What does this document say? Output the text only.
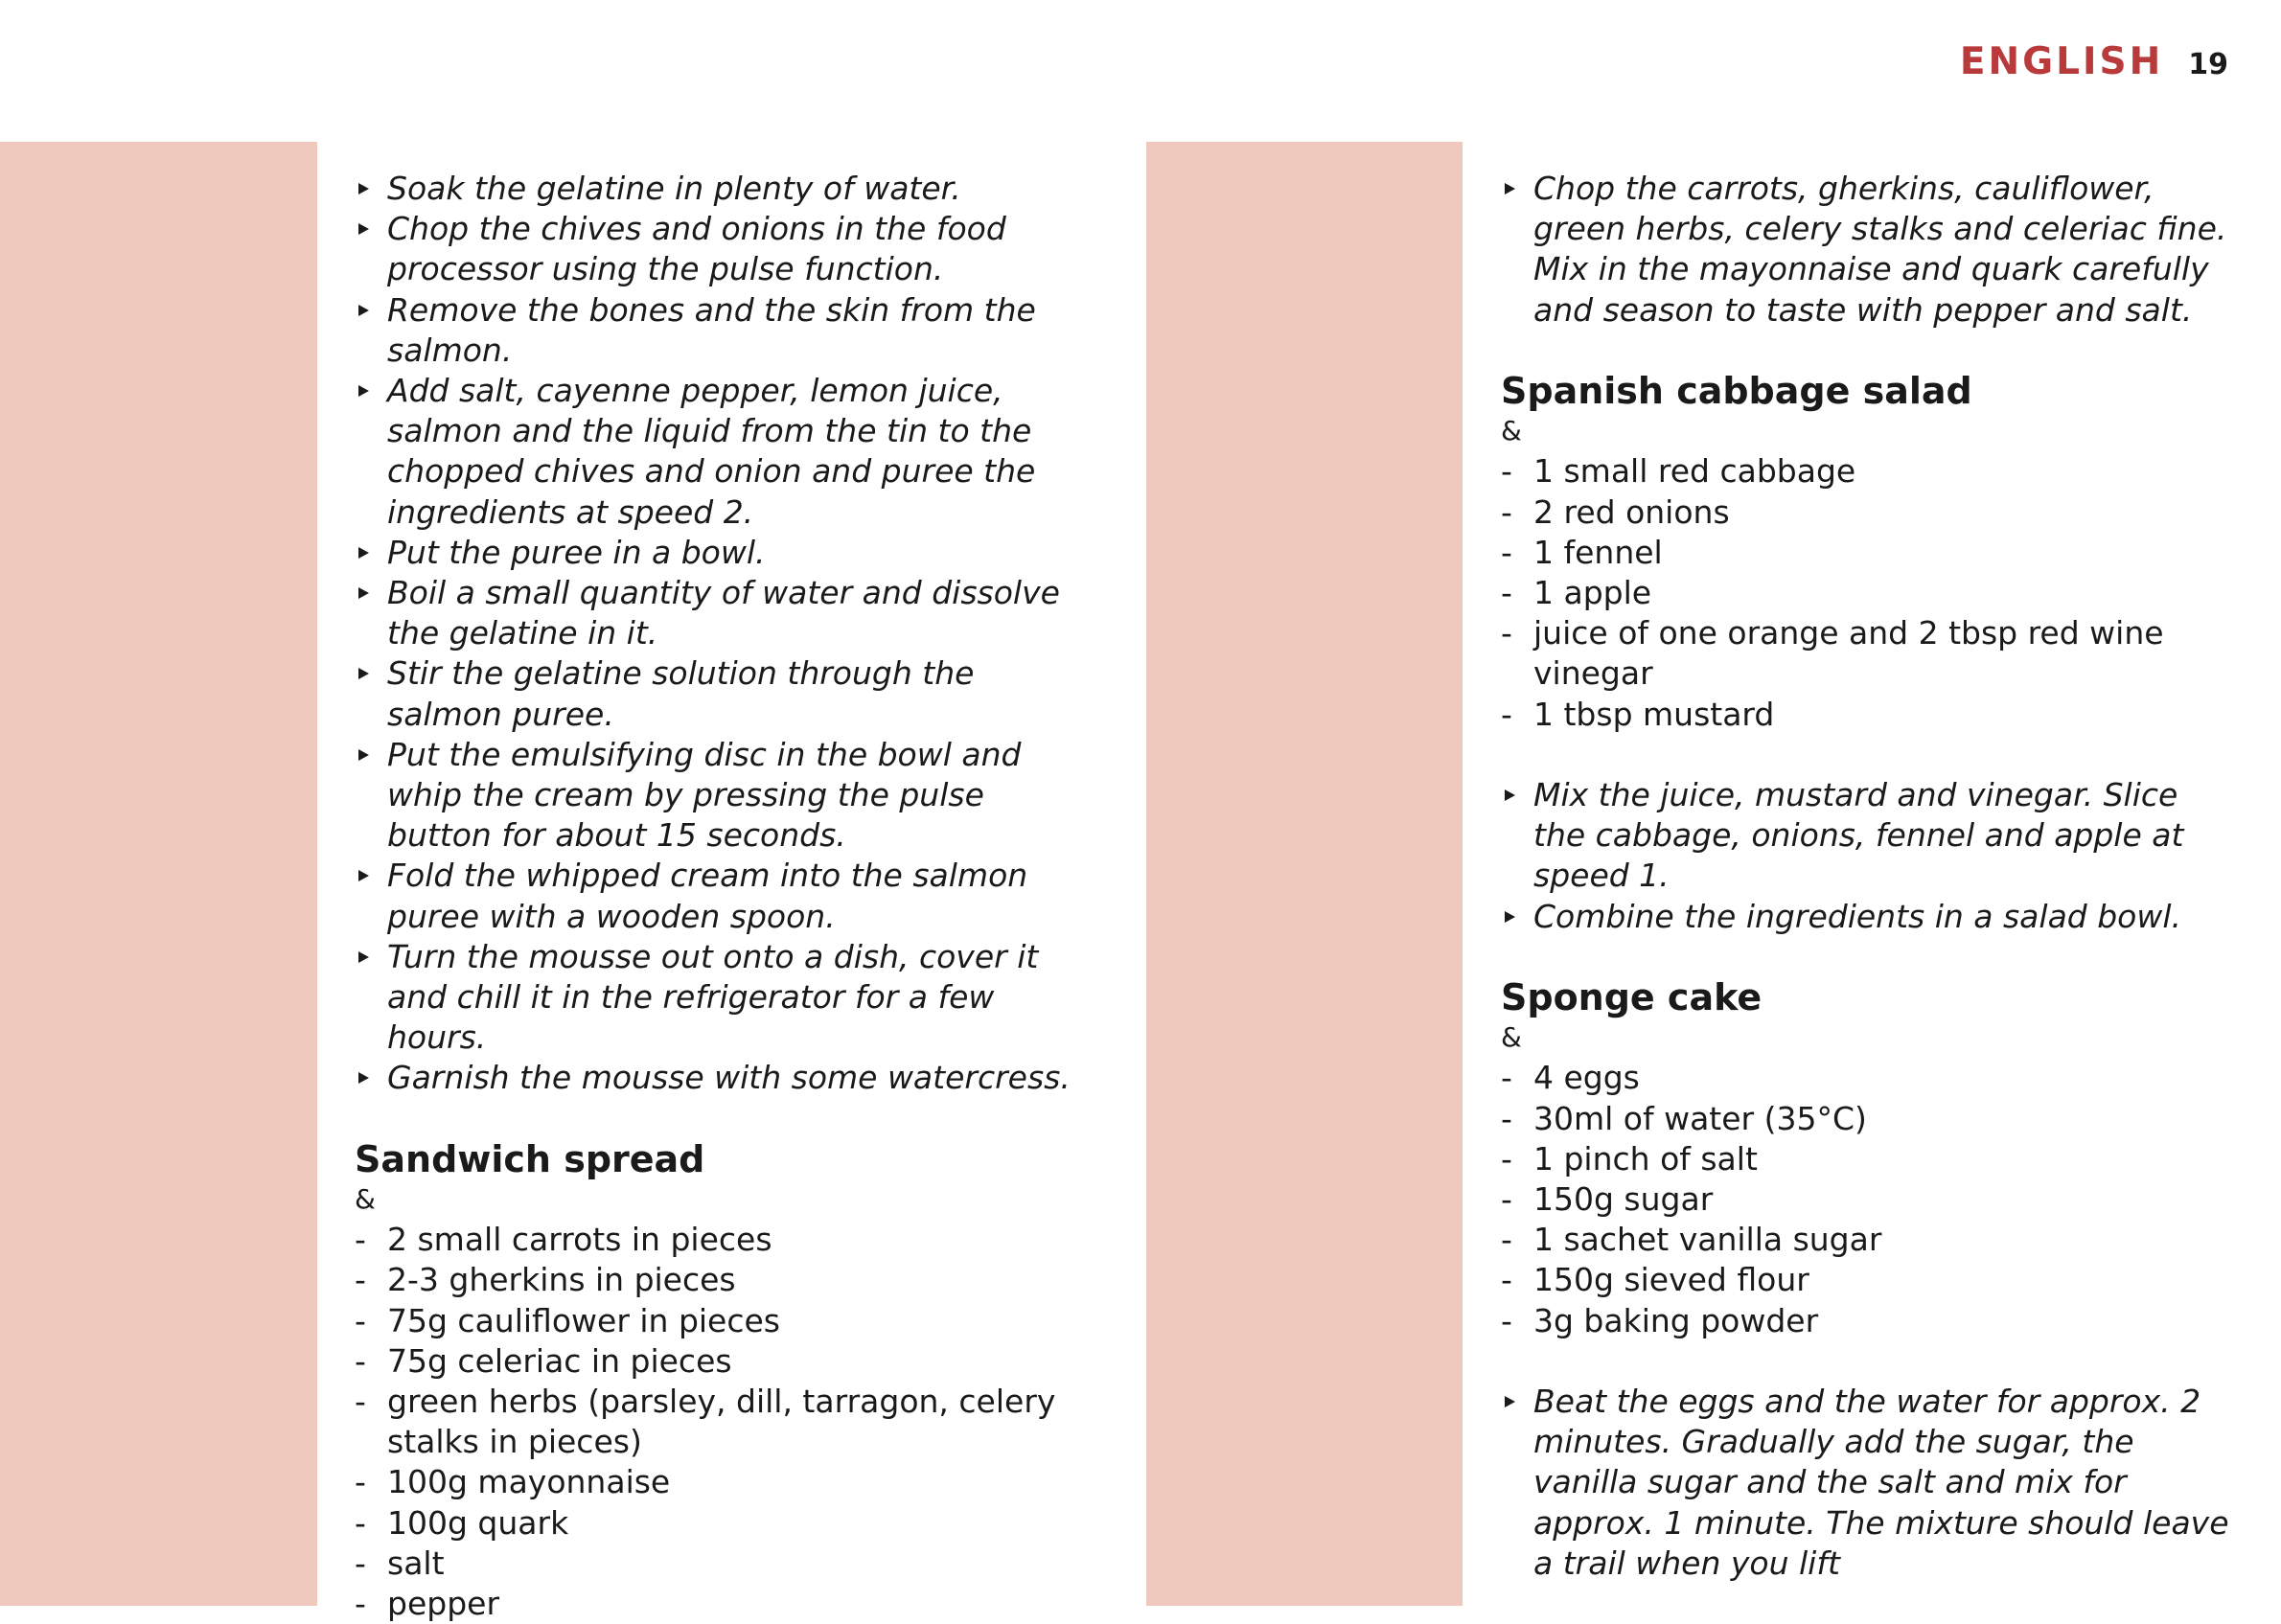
ENGLISH 19
Soak the gelatine in plenty of water.
Chop the chives and onions in the food processor using the pulse function.
Remove the bones and the skin from the salmon.
Add salt, cayenne pepper, lemon juice, salmon and the liquid from the tin to the chopped chives and onion and puree the ingredients at speed 2.
Put the puree in a bowl.
Boil a small quantity of water and dissolve the gelatine in it.
Stir the gelatine solution through the salmon puree.
Put the emulsifying disc in the bowl and whip the cream by pressing the pulse button for about 15 seconds.
Fold the whipped cream into the salmon puree with a wooden spoon.
Turn the mousse out onto a dish, cover it and chill it in the refrigerator for a few hours.
Garnish the mousse with some watercress.
Sandwich spread
&
- 2 small carrots in pieces
- 2-3 gherkins in pieces
- 75g cauliflower in pieces
- 75g celeriac in pieces
- green herbs (parsley, dill, tarragon, celery stalks in pieces)
- 100g mayonnaise
- 100g quark
- salt
- pepper
Chop the carrots, gherkins, cauliflower, green herbs, celery stalks and celeriac fine. Mix in the mayonnaise and quark carefully and season to taste with pepper and salt.
Spanish cabbage salad
&
- 1 small red cabbage
- 2 red onions
- 1 fennel
- 1 apple
- juice of one orange and 2 tbsp red wine vinegar
- 1 tbsp mustard
Mix the juice, mustard and vinegar. Slice the cabbage, onions, fennel and apple at speed 1.
Combine the ingredients in a salad bowl.
Sponge cake
&
- 4 eggs
- 30ml of water (35°C)
- 1 pinch of salt
- 150g sugar
- 1 sachet vanilla sugar
- 150g sieved flour
- 3g baking powder
Beat the eggs and the water for approx. 2 minutes. Gradually add the sugar, the vanilla sugar and the salt and mix for approx. 1 minute. The mixture should leave a trail when you lift
